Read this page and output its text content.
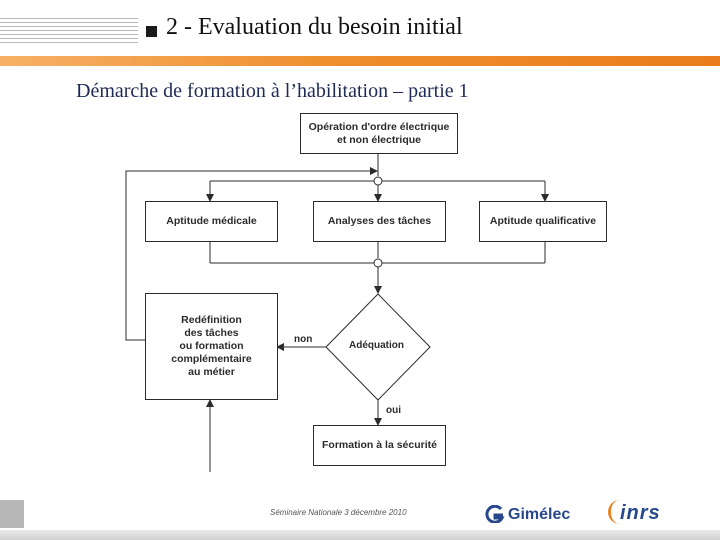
2 - Evaluation du besoin initial
Démarche de formation à l’habilitation – partie 1
Opération d'ordre électrique
et non électrique
Aptitude médicale	Analyses des tâches	Aptitude qualificative
Redéfinition
des tâches
ou formation
complémentaire
au métier
Adéquation
Formation à la sécurité
non
oui
Séminaire Nationale 3 décembre 2010	Gimélec inrs
